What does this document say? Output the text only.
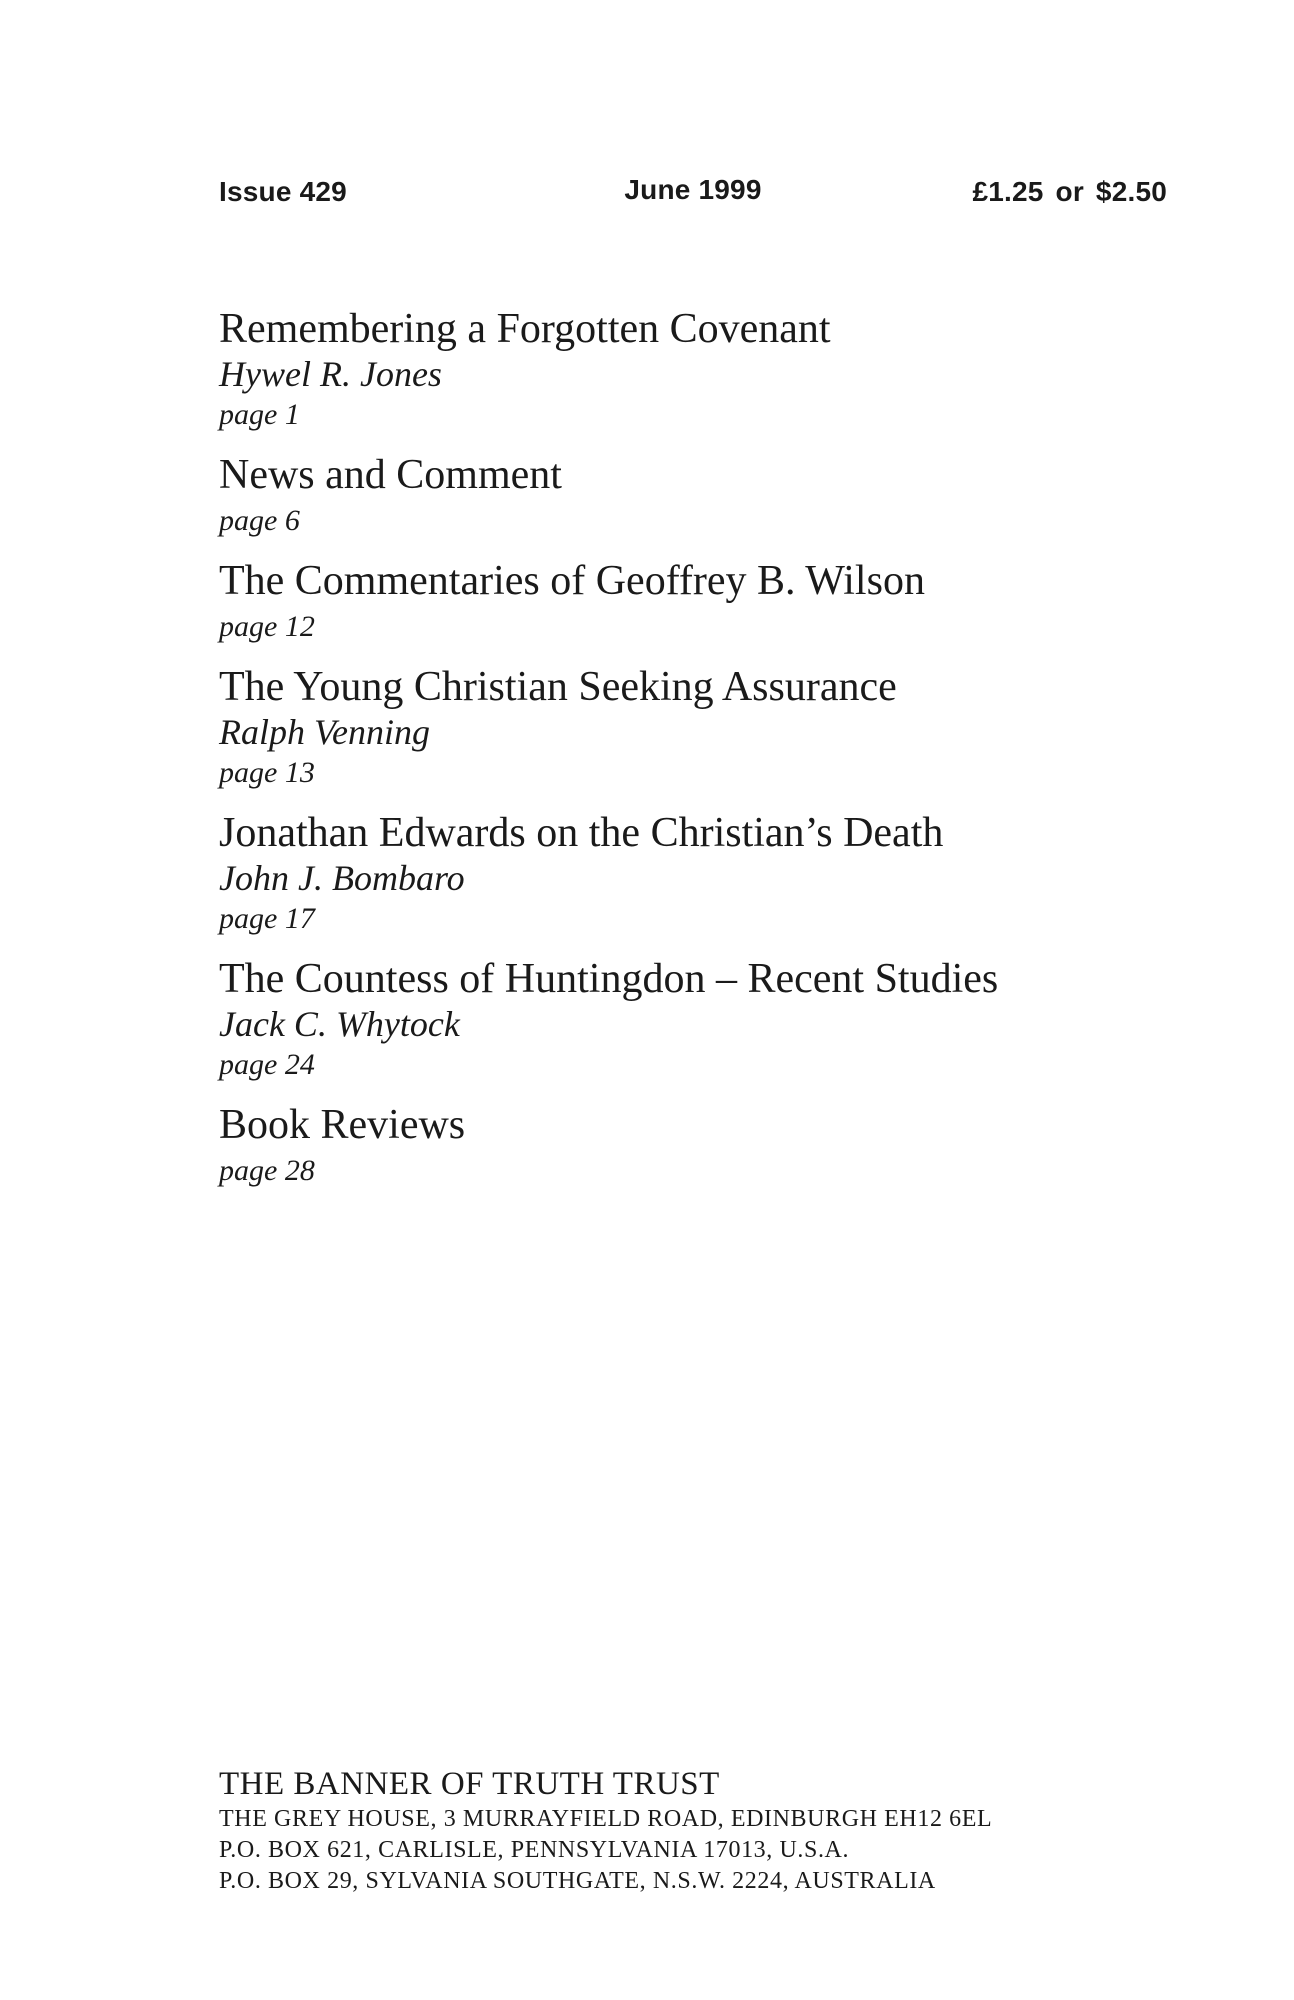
Issue 429	June 1999	£1.25 or $2.50
Remembering a Forgotten Covenant
Hywel R. Jones
page 1
News and Comment
page 6
The Commentaries of Geoffrey B. Wilson
page 12
The Young Christian Seeking Assurance
Ralph Venning
page 13
Jonathan Edwards on the Christian’s Death
John J. Bombaro
page 17
The Countess of Huntingdon – Recent Studies
Jack C. Whytock
page 24
Book Reviews
page 28
THE BANNER OF TRUTH TRUST
THE GREY HOUSE, 3 MURRAYFIELD ROAD, EDINBURGH EH12 6EL
P.O. BOX 621, CARLISLE, PENNSYLVANIA 17013, U.S.A.
P.O. BOX 29, SYLVANIA SOUTHGATE, N.S.W. 2224, AUSTRALIA
